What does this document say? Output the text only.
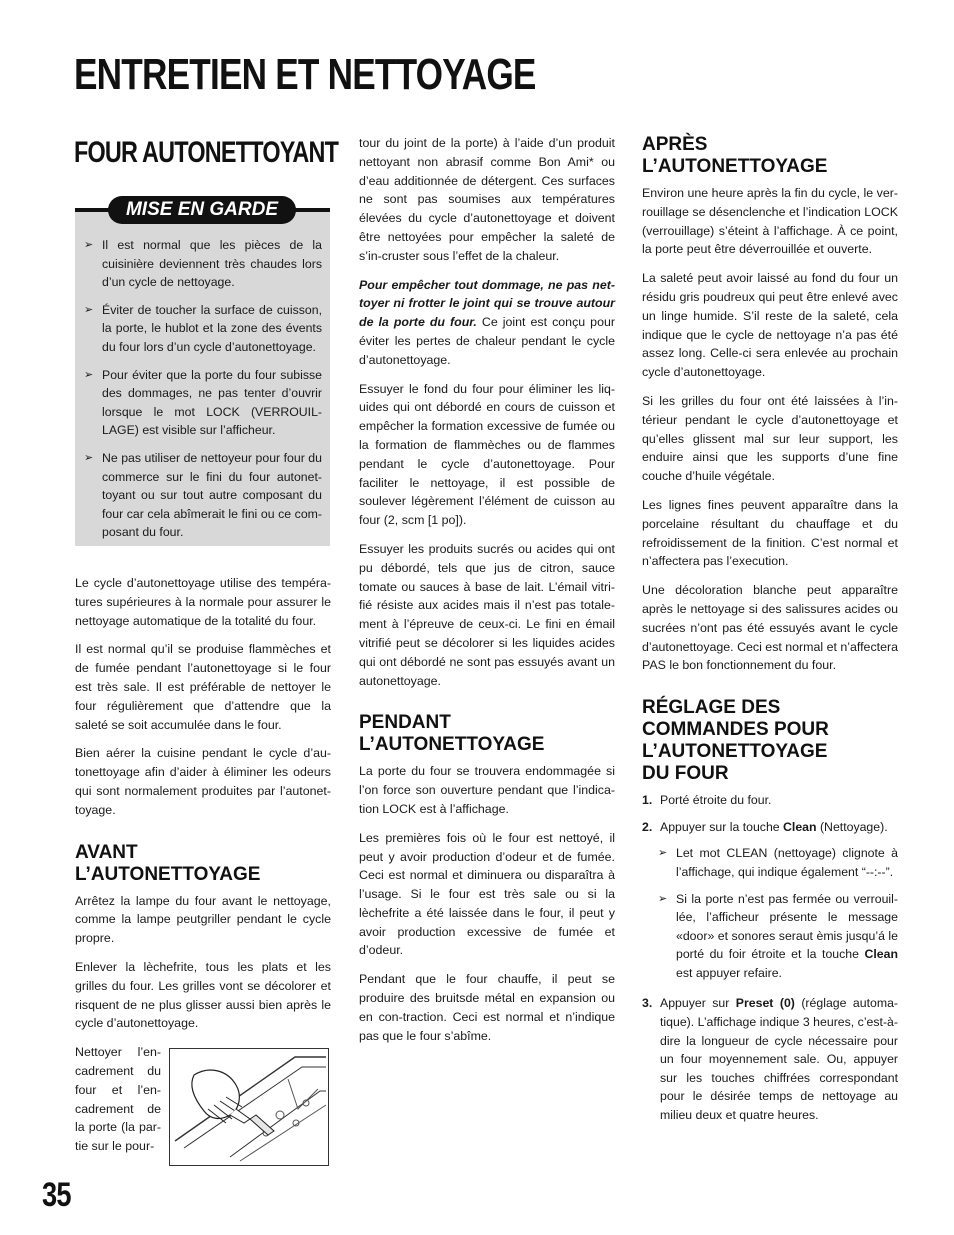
ENTRETIEN ET NETTOYAGE
FOUR AUTONETTOYANT
MISE EN GARDE
➢ Il est normal que les pièces de la cuisinière deviennent très chaudes lors d’un cycle de nettoyage.
➢ Éviter de toucher la surface de cuisson, la porte, le hublot et la zone des évents du four lors d’un cycle d’autonettoyage.
➢ Pour éviter que la porte du four subisse des dommages, ne pas tenter d’ouvrir lorsque le mot LOCK (VERROUIL-LAGE) est visible sur l’afficheur.
➢ Ne pas utiliser de nettoyeur pour four du commerce sur le fini du four autonet-toyant ou sur tout autre composant du four car cela abîmerait le fini ou ce com-posant du four.

Le cycle d’autonettoyage utilise des tempéra-tures supérieures à la normale pour assurer le nettoyage automatique de la totalité du four.

Il est normal qu’il se produise flammèches et de fumée pendant l’autonettoyage si le four est très sale. Il est préférable de nettoyer le four régulièrement que d’attendre que la saleté se soit accumulée dans le four.

Bien aérer la cuisine pendant le cycle d’au-tonettoyage afin d’aider à éliminer les odeurs qui sont normalement produites par l’autonet-toyage.

AVANT L’AUTONETTOYAGE

Arrêtez la lampe du four avant le nettoyage, comme la lampe peutgriller pendant le cycle propre.

Enlever la lèchefrite, tous les plats et les grilles du four. Les grilles vont se décolorer et risquent de ne plus glisser aussi bien après le cycle d’autonettoyage.

Nettoyer l’en-cadrement du four et l’en-cadrement de la porte (la par-tie sur le pour-

tour du joint de la porte) à l’aide d’un produit nettoyant non abrasif comme Bon Ami* ou d’eau additionnée de détergent. Ces surfaces ne sont pas soumises aux températures élevées du cycle d’autonettoyage et doivent être nettoyées pour empêcher la saleté de s’in-cruster sous l’effet de la chaleur.

Pour empêcher tout dommage, ne pas net-toyer ni frotter le joint qui se trouve autour de la porte du four. Ce joint est conçu pour éviter les pertes de chaleur pendant le cycle d’autonettoyage.

Essuyer le fond du four pour éliminer les liq-uides qui ont débordé en cours de cuisson et empêcher la formation excessive de fumée ou la formation de flammèches ou de flammes pendant le cycle d’autonettoyage. Pour faciliter le nettoyage, il est possible de soulever légèrement l’élément de cuisson au four (2, scm [1 po]).

Essuyer les produits sucrés ou acides qui ont pu débordé, tels que jus de citron, sauce tomate ou sauces à base de lait. L’émail vitri-fié résiste aux acides mais il n’est pas totale-ment à l’épreuve de ceux-ci. Le fini en émail vitrifié peut se décolorer si les liquides acides qui ont débordé ne sont pas essuyés avant un autonettoyage.

PENDANT L’AUTONETTOYAGE

La porte du four se trouvera endommagée si l’on force son ouverture pendant que l’indica-tion LOCK est à l’affichage.

Les premières fois où le four est nettoyé, il peut y avoir production d’odeur et de fumée. Ceci est normal et diminuera ou disparaîtra à l’usage. Si le four est très sale ou si la lèchefrite a été laissée dans le four, il peut y avoir production excessive de fumée et d’odeur.

Pendant que le four chauffe, il peut se produire des bruitsde métal en expansion ou en con-traction. Ceci est normal et n’indique pas que le four s’abîme.

APRÈS L’AUTONETTOYAGE

Environ une heure après la fin du cycle, le ver-rouillage se désenclenche et l’indication LOCK (verrouillage) s’éteint à l’affichage. À ce point, la porte peut être déverrouillée et ouverte.

La saleté peut avoir laissé au fond du four un résidu gris poudreux qui peut être enlevé avec un linge humide. S’il reste de la saleté, cela indique que le cycle de nettoyage n’a pas été assez long. Celle-ci sera enlevée au prochain cycle d’autonettoyage.

Si les grilles du four ont été laissées à l’in-térieur pendant le cycle d’autonettoyage et qu’elles glissent mal sur leur support, les enduire ainsi que les supports d’une fine couche d’huile végétale.

Les lignes fines peuvent apparaître dans la porcelaine résultant du chauffage et du refroidissement de la finition. C’est normal et n’affectera pas l’execution.

Une décoloration blanche peut apparaître après le nettoyage si des salissures acides ou sucrées n’ont pas été essuyés avant le cycle d’autonettoyage. Ceci est normal et n’affectera PAS le bon fonctionnement du four.

RÉGLAGE DES COMMANDES POUR L’AUTONETTOYAGE DU FOUR
1. Porté étroite du four.
2. Appuyer sur la touche Clean (Nettoyage).
➢ Let mot CLEAN (nettoyage) clignote à l’affichage, qui indique également “--:--”.
➢ Si la porte n’est pas fermée ou verrouil-lée, l’afficheur présente le message «door» et sonores seraut èmis jusqu’á le porté du foir étroite et la touche Clean est appuyer refaire.
3. Appuyer sur Preset (0) (réglage automa-tique). L’affichage indique 3 heures, c’est-à-dire la longueur de cycle nécessaire pour un four moyennement sale. Ou, appuyer sur les touches chiffrées correspondant pour le désirée temps de nettoyage au milieu deux et quatre heures.
35
